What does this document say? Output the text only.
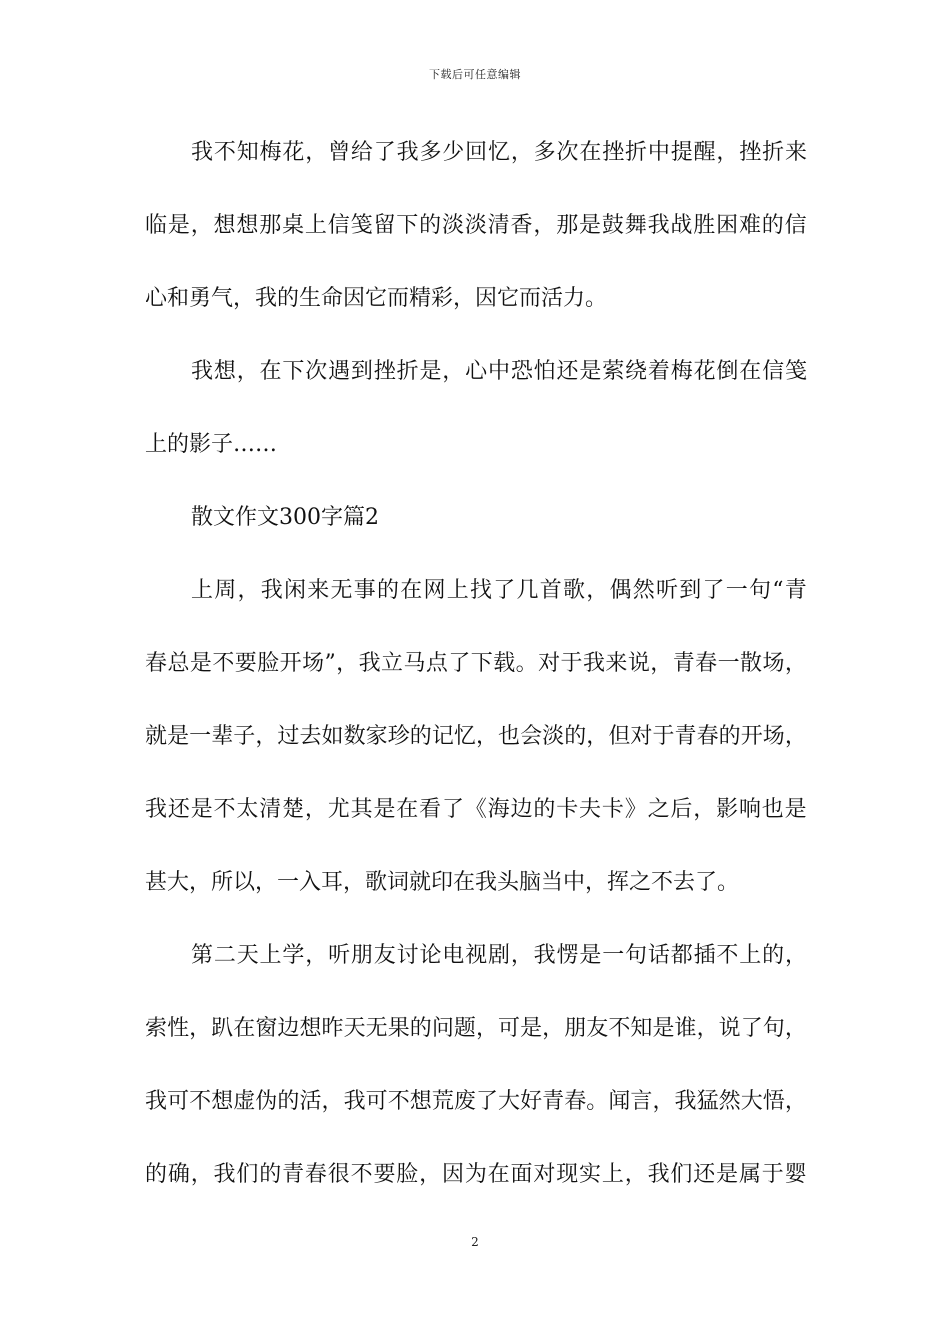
下载后可任意编辑
我 不 知 梅 花 ， 曾 给 了 我 多 少 回 忆 ， 多 次 在 挫 折 中 提 醒 ， 挫 折 来
临 是 ， 想 想 那 桌 上 信 笺 留 下 的 淡 淡 清 香 ， 那 是 鼓 舞 我 战 胜 困 难 的 信
心和勇气，我的生命因它而精彩，因它而活力。
我 想 ， 在 下 次 遇 到 挫 折 是 ， 心 中 恐 怕 还 是 萦 绕 着 梅 花 倒 在 信 笺
上的影子……
散文作文300字篇2
上 周 ， 我 闲 来 无 事 的 在 网 上 找 了 几 首 歌 ， 偶 然 听 到 了 一 句 “ 青
春 总 是 不 要 脸 开 场 ” ， 我 立 马 点 了 下 载 。 对 于 我 来 说 ， 青 春 一 散 场 ，
就 是 一 辈 子 ， 过 去 如 数 家 珍 的 记 忆 ， 也 会 淡 的 ， 但 对 于 青 春 的 开 场 ，
我 还 是 不 太 清 楚 ， 尤 其 是 在 看 了 《 海 边 的 卡 夫 卡 》 之 后 ， 影 响 也 是
甚大，所以，一入耳，歌词就印在我头脑当中，挥之不去了。
第 二 天 上 学 ， 听 朋 友 讨 论 电 视 剧 ， 我 愣 是 一 句 话 都 插 不 上 的 ，
索 性 ， 趴 在 窗 边 想 昨 天 无 果 的 问 题 ， 可 是 ， 朋 友 不 知 是 谁 ， 说 了 句 ，
我 可 不 想 虚 伪 的 活 ， 我 可 不 想 荒 废 了 大 好 青 春 。 闻 言 ， 我 猛 然 大 悟 ，
的 确 ， 我 们 的 青 春 很 不 要 脸 ， 因 为 在 面 对 现 实 上 ， 我 们 还 是 属 于 婴
2
